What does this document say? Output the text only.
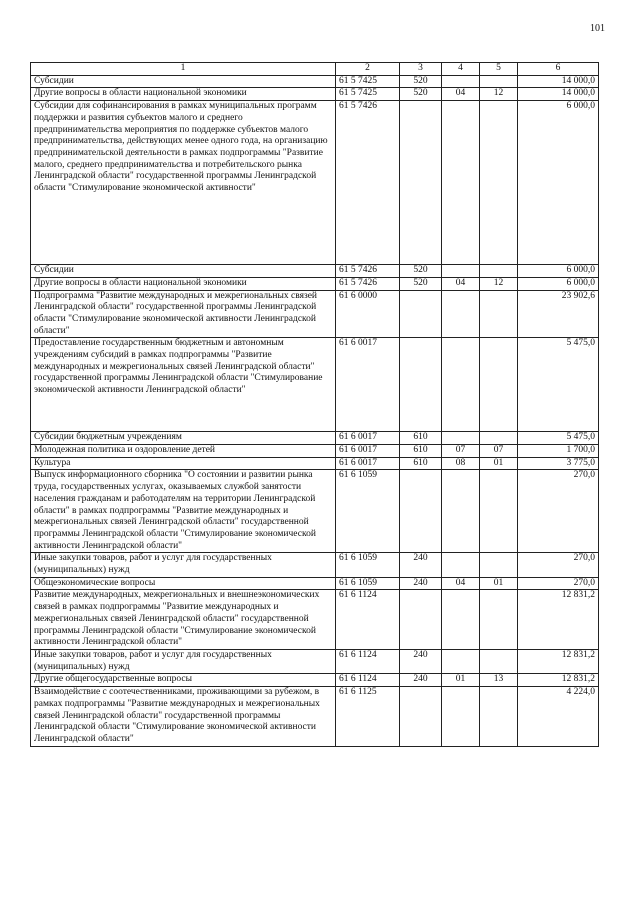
101
1	2	3	4	5	6
Субсидии	61 5 7425	520			14 000,0
Другие вопросы в области национальной экономики	61 5 7425	520	04	12	14 000,0
Субсидии для софинансирования в рамках муниципальных программ поддержки и развития субъектов малого и среднего предпринимательства мероприятия по поддержке субъектов малого предпринимательства, действующих менее одного года, на организацию предпринимательской деятельности в рамках подпрограммы "Развитие малого, среднего предпринимательства и потребительского рынка Ленинградской области" государственной программы Ленинградской области "Стимулирование экономической активности"	61 5 7426				6 000,0
Субсидии	61 5 7426	520			6 000,0
Другие вопросы в области национальной экономики	61 5 7426	520	04	12	6 000,0
Подпрограмма "Развитие международных и межрегиональных связей Ленинградской области" государственной программы Ленинградской области "Стимулирование экономической активности Ленинградской области"	61 6 0000				23 902,6
Предоставление государственным бюджетным и автономным учреждениям субсидий в рамках подпрограммы "Развитие международных и межрегиональных связей Ленинградской области" государственной программы Ленинградской области "Стимулирование экономической активности Ленинградской области"	61 6 0017				5 475,0
Субсидии бюджетным учреждениям	61 6 0017	610			5 475,0
Молодежная политика и оздоровление детей	61 6 0017	610	07	07	1 700,0
Культура	61 6 0017	610	08	01	3 775,0
Выпуск информационного сборника "О состоянии и развитии рынка труда, государственных услугах, оказываемых службой занятости населения гражданам и работодателям на территории Ленинградской области" в рамках подпрограммы "Развитие международных и межрегиональных связей Ленинградской области" государственной программы Ленинградской области "Стимулирование экономической активности Ленинградской области"	61 6 1059				270,0
Иные закупки товаров, работ и услуг для государственных (муниципальных) нужд	61 6 1059	240			270,0
Общеэкономические вопросы	61 6 1059	240	04	01	270,0
Развитие международных, межрегиональных и внешнеэкономических связей в рамках подпрограммы "Развитие международных и межрегиональных связей Ленинградской области" государственной программы Ленинградской области "Стимулирование экономической активности Ленинградской области"	61 6 1124				12 831,2
Иные закупки товаров, работ и услуг для государственных (муниципальных) нужд	61 6 1124	240			12 831,2
Другие общегосударственные вопросы	61 6 1124	240	01	13	12 831,2
Взаимодействие с соотечественниками, проживающими за рубежом, в рамках подпрограммы "Развитие международных и межрегиональных связей Ленинградской области" государственной программы Ленинградской области "Стимулирование экономической активности Ленинградской области"	61 6 1125				4 224,0
